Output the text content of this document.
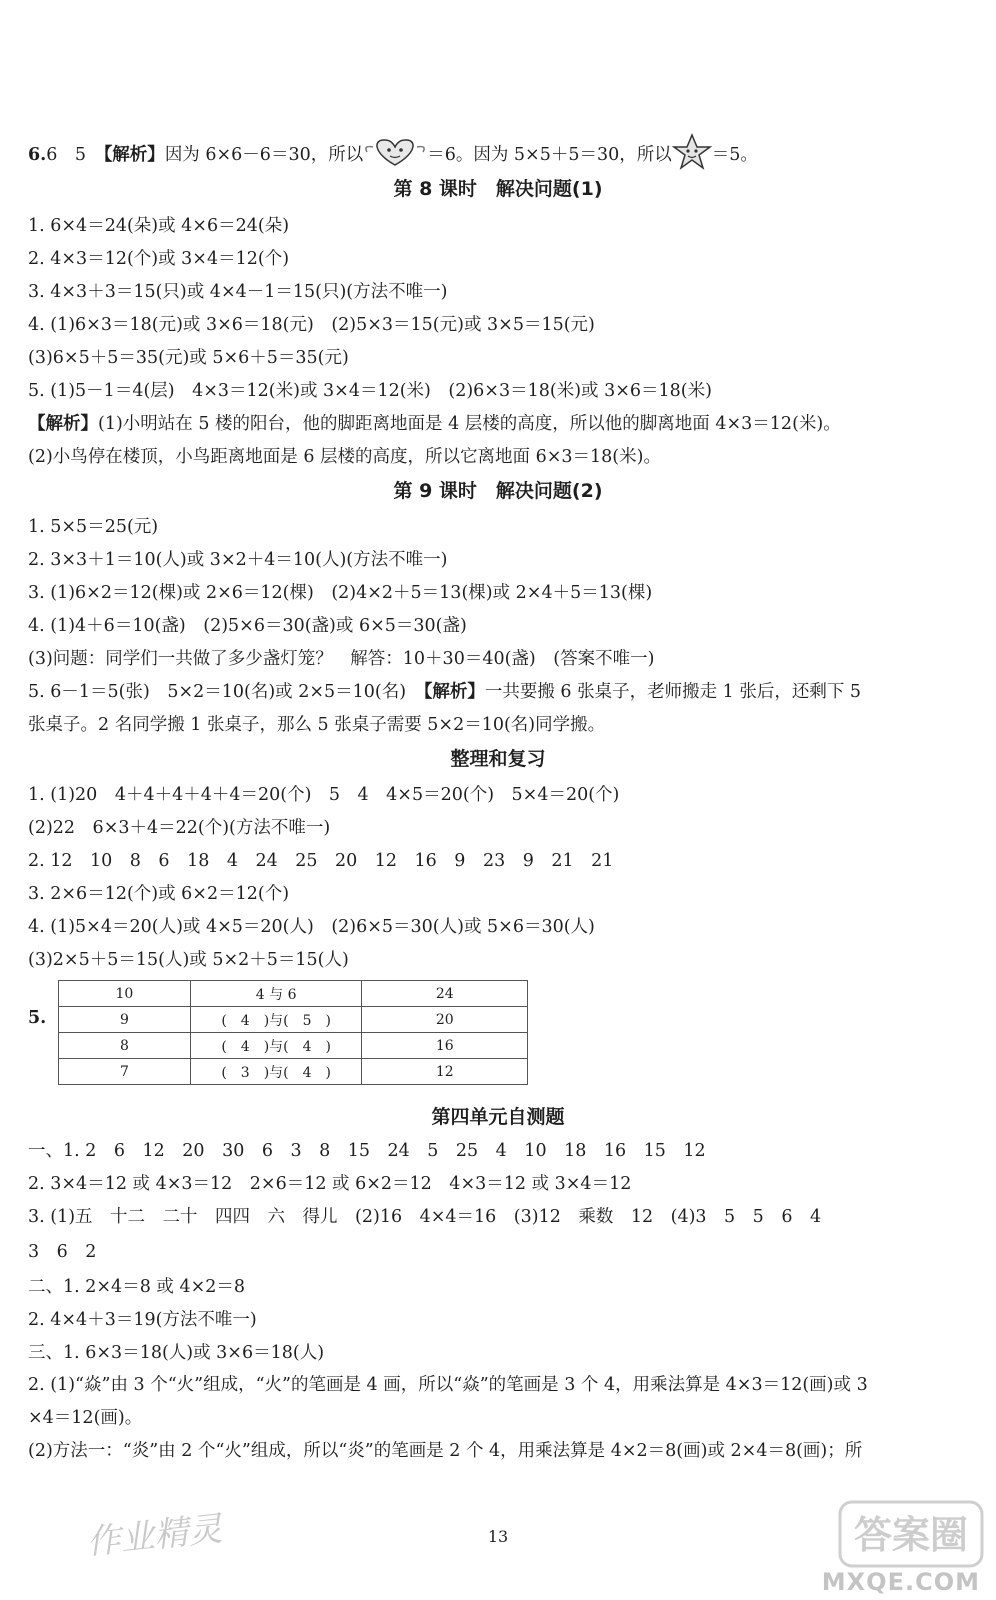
6.6　5　 【解析】因为 6×6－6＝30，所以	＝6。因为 5×5＋5＝30，所以 ＝5。
第 8 课时　解决问题(1)
1. 6×4＝24(朵)或 4×6＝24(朵)
2. 4×3＝12(个)或 3×4＝12(个)
3. 4×3＋3＝15(只)或 4×4－1＝15(只)(方法不唯一)
4. (1)6×3＝18(元)或 3×6＝18(元)　(2)5×3＝15(元)或 3×5＝15(元)
(3)6×5＋5＝35(元)或 5×6＋5＝35(元)
5. (1)5－1＝4(层)　4×3＝12(米)或 3×4＝12(米)　(2)6×3＝18(米)或 3×6＝18(米)
【解析】(1)小明站在 5 楼的阳台，他的脚距离地面是 4 层楼的高度，所以他的脚离地面 4×3＝12(米)。
(2)小鸟停在楼顶，小鸟距离地面是 6 层楼的高度，所以它离地面 6×3＝18(米)。
第 9 课时　解决问题(2)
1. 5×5＝25(元)
2. 3×3＋1＝10(人)或 3×2＋4＝10(人)(方法不唯一)
3. (1)6×2＝12(棵)或 2×6＝12(棵)　(2)4×2＋5＝13(棵)或 2×4＋5＝13(棵)
4. (1)4＋6＝10(盏)　(2)5×6＝30(盏)或 6×5＝30(盏)
(3)问题：同学们一共做了多少盏灯笼？　解答：10＋30＝40(盏)　(答案不唯一)
5. 6－1＝5(张)　5×2＝10(名)或 2×5＝10(名)　【解析】一共要搬 6 张桌子，老师搬走 1 张后，还剩下 5
张桌子。2 名同学搬 1 张桌子，那么 5 张桌子需要 5×2＝10(名)同学搬。
整理和复习
1. (1)20　4＋4＋4＋4＋4＝20(个)　5　4　4×5＝20(个)　5×4＝20(个)
(2)22　6×3＋4＝22(个)(方法不唯一)
2. 12　10　8　6　18　4　24　25　20　12　16　9　23　9　21　21
3. 2×6＝12(个)或 6×2＝12(个)
4. (1)5×4＝20(人)或 4×5＝20(人)　(2)6×5＝30(人)或 5×6＝30(人)
(3)2×5＋5＝15(人)或 5×2＋5＝15(人)
5.
10	4 与 6	24
9	(　4　)与(　5　)	20
8	(　4　)与(　4　)	16
7	(　3　)与(　4　)	12
第四单元自测题
一、1. 2　6　12　20　30　6　3　8　15　24　5　25　4　10　18　16　15　12
2. 3×4＝12 或 4×3＝12　2×6＝12 或 6×2＝12　4×3＝12 或 3×4＝12
3. (1)五　十二　二十　四四　六　得儿　(2)16　4×4＝16　(3)12　乘数　12　(4)3　5　5　6　4
3　6　2
二、1. 2×4＝8 或 4×2＝8
2. 4×4＋3＝19(方法不唯一)
三、1. 6×3＝18(人)或 3×6＝18(人)
2. (1)“焱”由 3 个“火”组成，“火”的笔画是 4 画，所以“焱”的笔画是 3 个 4，用乘法算是 4×3＝12(画)或 3
×4＝12(画)。
(2)方法一：“炎”由 2 个“火”组成，所以“炎”的笔画是 2 个 4，用乘法算是 4×2＝8(画)或 2×4＝8(画)；所
13
作业精灵	答案圈
MXQE.COM
